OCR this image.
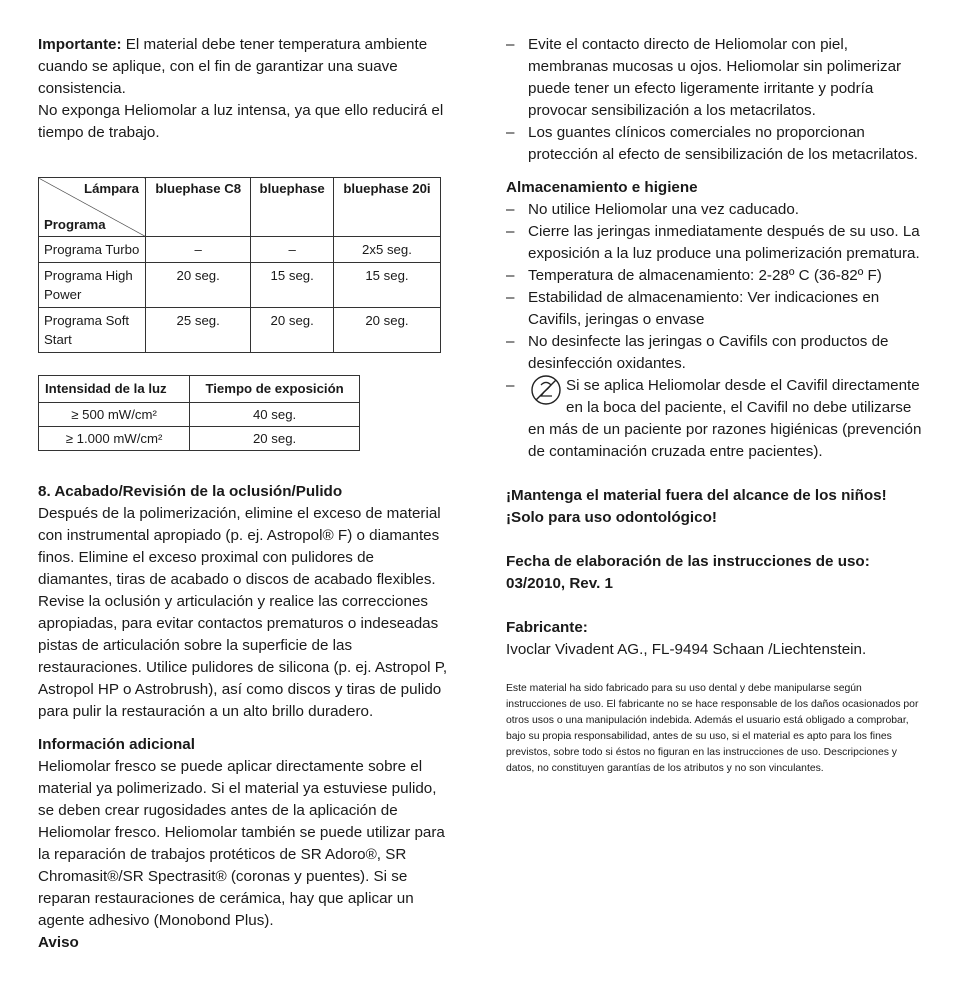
Importante: El material debe tener temperatura ambiente cuando se aplique, con el fin de garantizar una suave consistencia.

No exponga Heliomolar a luz intensa, ya que ello reducirá el tiempo de trabajo.

Lámpara
Programa	bluephase C8	bluephase	bluephase 20i
Programa Turbo	–	–	2x5 seg.
Programa High Power	20 seg.	15 seg.	15 seg.
Programa Soft Start	25 seg.	20 seg.	20 seg.
Intensidad de la luz	Tiempo de exposición
≥ 500 mW/cm²	40 seg.
≥ 1.000 mW/cm²	20 seg.

8. Acabado/Revisión de la oclusión/Pulido

Después de la polimerización, elimine el exceso de material con instrumental apropiado (p. ej. Astropol® F) o diamantes finos. Elimine el exceso proximal con pulidores de diamantes, tiras de acabado o discos de acabado flexibles. Revise la oclusión y articulación y realice las correcciones apropiadas, para evitar contactos prematuros o indeseadas pistas de articulación sobre la superficie de las restauraciones. Utilice pulidores de silicona (p. ej. Astropol P, Astropol HP o Astrobrush), así como discos y tiras de pulido para pulir la restauración a un alto brillo duradero.

Información adicional

Heliomolar fresco se puede aplicar directamente sobre el material ya polimerizado. Si el material ya estuviese pulido, se deben crear rugosidades antes de la aplicación de Heliomolar fresco. Heliomolar también se puede utilizar para la reparación de trabajos protéticos de SR Adoro®, SR Chromasit®/SR Spectrasit® (coronas y puentes). Si se reparan restauraciones de cerámica, hay que aplicar un agente adhesivo (Monobond Plus).

Aviso

– Evite el contacto directo de Heliomolar con piel, membranas mucosas u ojos. Heliomolar sin polimerizar puede tener un efecto ligeramente irritante y podría provocar sensibilización a los metacrilatos.
– Los guantes clínicos comerciales no proporcionan protección al efecto de sensibilización de los metacrilatos.

Almacenamiento e higiene

– No utilice Heliomolar una vez caducado.
– Cierre las jeringas inmediatamente después de su uso. La exposición a la luz produce una polimerización prematura.
– Temperatura de almacenamiento: 2-28º C (36-82º F)
– Estabilidad de almacenamiento: Ver indicaciones en Cavifils, jeringas o envase
– No desinfecte las jeringas o Cavifils con productos de desinfección oxidantes.
–	Si se aplica Heliomolar desde el Cavifil directamente en la boca del paciente, el Cavifil no debe utilizarse en más de un paciente por razones higiénicas (prevención de contaminación cruzada entre pacientes).

¡Mantenga el material fuera del alcance de los niños!

¡Solo para uso odontológico!

Fecha de elaboración de las instrucciones de uso:

03/2010, Rev. 1

Fabricante:

Ivoclar Vivadent AG., FL-9494 Schaan /Liechtenstein.

Este material ha sido fabricado para su uso dental y debe manipularse según instrucciones de uso. El fabricante no se hace responsable de los daños ocasionados por otros usos o una manipulación indebida. Además el usuario está obligado a comprobar, bajo su propia responsabilidad, antes de su uso, si el material es apto para los fines previstos, sobre todo si éstos no figuran en las instrucciones de uso. Descripciones y datos, no constituyen garantías de los atributos y no son vinculantes.
